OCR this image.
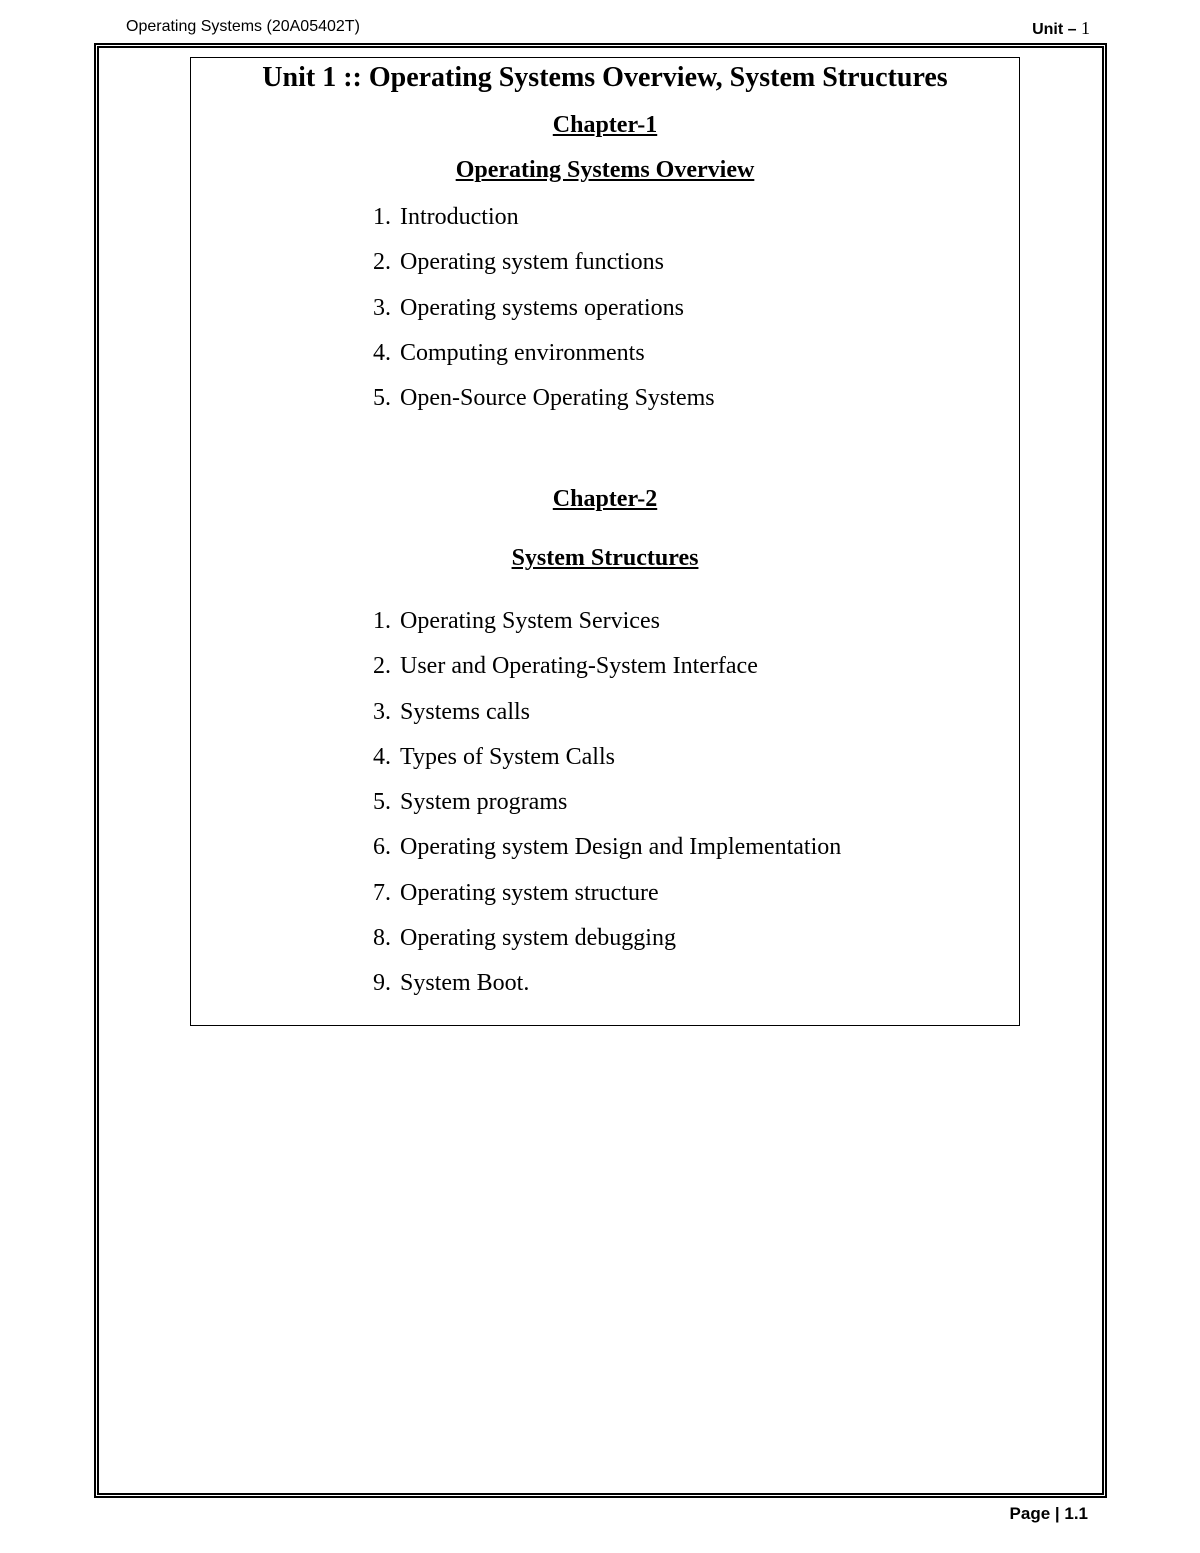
Operating Systems (20A05402T)	Unit – 1
Unit 1 :: Operating Systems Overview, System Structures
Chapter-1
Operating Systems Overview
1. Introduction
2. Operating system functions
3. Operating systems operations
4. Computing environments
5. Open-Source Operating Systems
Chapter-2
System Structures
1. Operating System Services
2. User and Operating-System Interface
3. Systems calls
4. Types of System Calls
5. System programs
6. Operating system Design and Implementation
7. Operating system structure
8. Operating system debugging
9. System Boot.
Page | 1.1
